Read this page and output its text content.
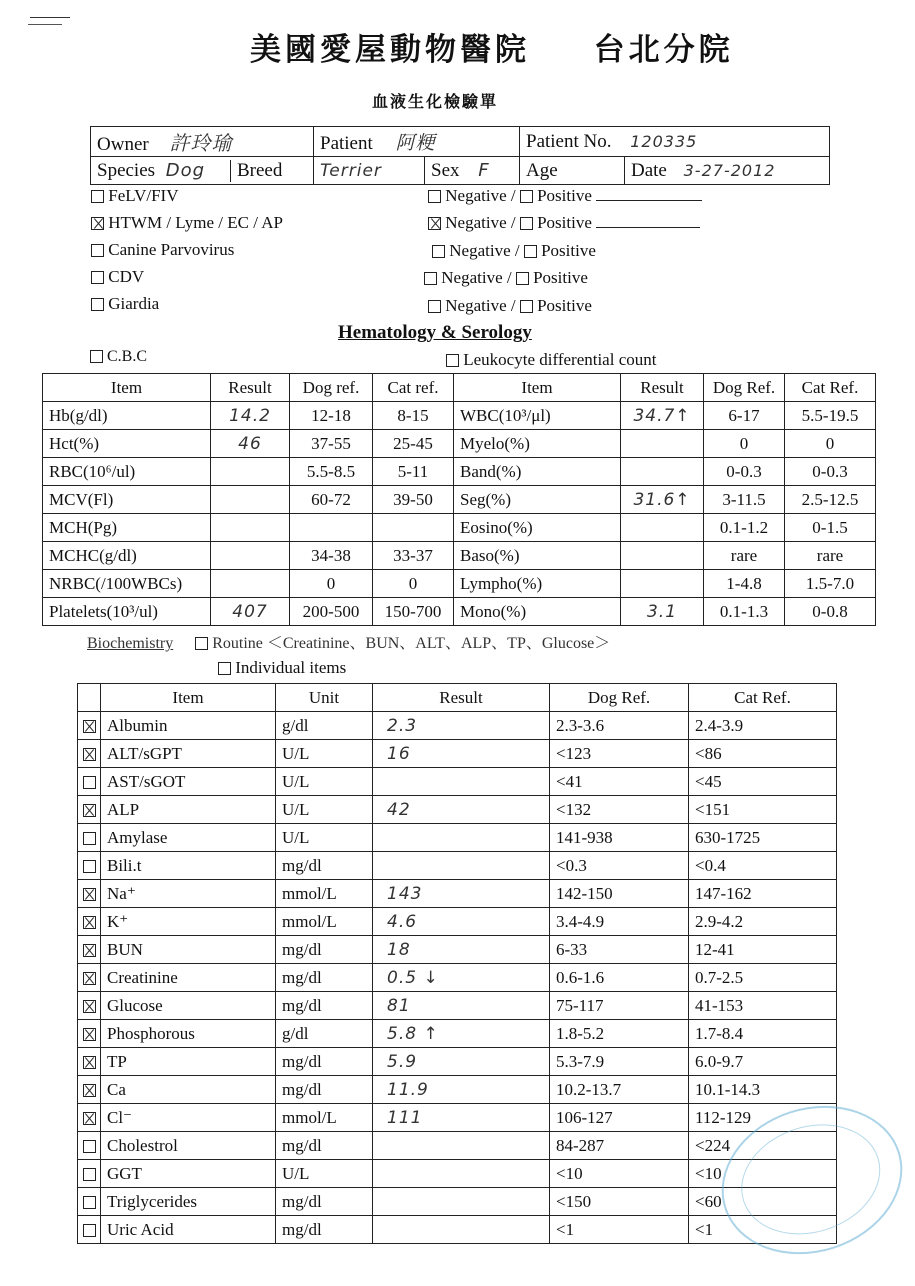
美國愛屋動物醫院 台北分院
血液生化檢驗單
Owner 許玲瑜	Patient 阿粳		Patient No. 120335	
Species Dog Breed	Terrier	Sex F	Age	Date 3-27-2012
FeLV/FIV	Negative / Positive
HTWM / Lyme / EC / AP	Negative / Positive
Canine Parvovirus	Negative / Positive
CDV	Negative / Positive
Giardia	Negative / Positive
Hematology & Serology
C.B.C	Leukocyte differential count
Item	Result	Dog ref.	Cat ref.	Item	Result	Dog Ref.	Cat Ref.
Hb(g/dl)	14.2	12-18	8-15	WBC(10³/μl)	34.7↑	6-17	5.5-19.5
Hct(%)	46	37-55	25-45	Myelo(%)		0	0
RBC(10⁶/ul)		5.5-8.5	5-11	Band(%)		0-0.3	0-0.3
MCV(Fl)		60-72	39-50	Seg(%)	31.6↑	3-11.5	2.5-12.5
MCH(Pg)				Eosino(%)		0.1-1.2	0-1.5
MCHC(g/dl)		34-38	33-37	Baso(%)		rare	rare
NRBC(/100WBCs)		0	0	Lympho(%)		1-4.8	1.5-7.0
Platelets(10³/ul)	407	200-500	150-700	Mono(%)	3.1	0.1-1.3	0-0.8
Biochemistry Routine ＜Creatinine、BUN、ALT、ALP、TP、Glucose＞
Individual items
	Item	Unit	Result	Dog Ref.	Cat Ref.
	Albumin	g/dl	2.3	2.3-3.6	2.4-3.9
	ALT/sGPT	U/L	16	<123	<86
	AST/sGOT	U/L		<41	<45
	ALP	U/L	42	<132	<151
	Amylase	U/L		141-938	630-1725
	Bili.t	mg/dl		<0.3	<0.4
	Na⁺	mmol/L	143	142-150	147-162
	K⁺	mmol/L	4.6	3.4-4.9	2.9-4.2
	BUN	mg/dl	18	6-33	12-41
	Creatinine	mg/dl	0.5 ↓	0.6-1.6	0.7-2.5
	Glucose	mg/dl	81	75-117	41-153
	Phosphorous	g/dl	5.8 ↑	1.8-5.2	1.7-8.4
	TP	mg/dl	5.9	5.3-7.9	6.0-9.7
	Ca	mg/dl	11.9	10.2-13.7	10.1-14.3
	Cl⁻	mmol/L	111	106-127	112-129
	Cholestrol	mg/dl		84-287	<224
	GGT	U/L		<10	<10
	Triglycerides	mg/dl		<150	<60
	Uric Acid	mg/dl		<1	<1
